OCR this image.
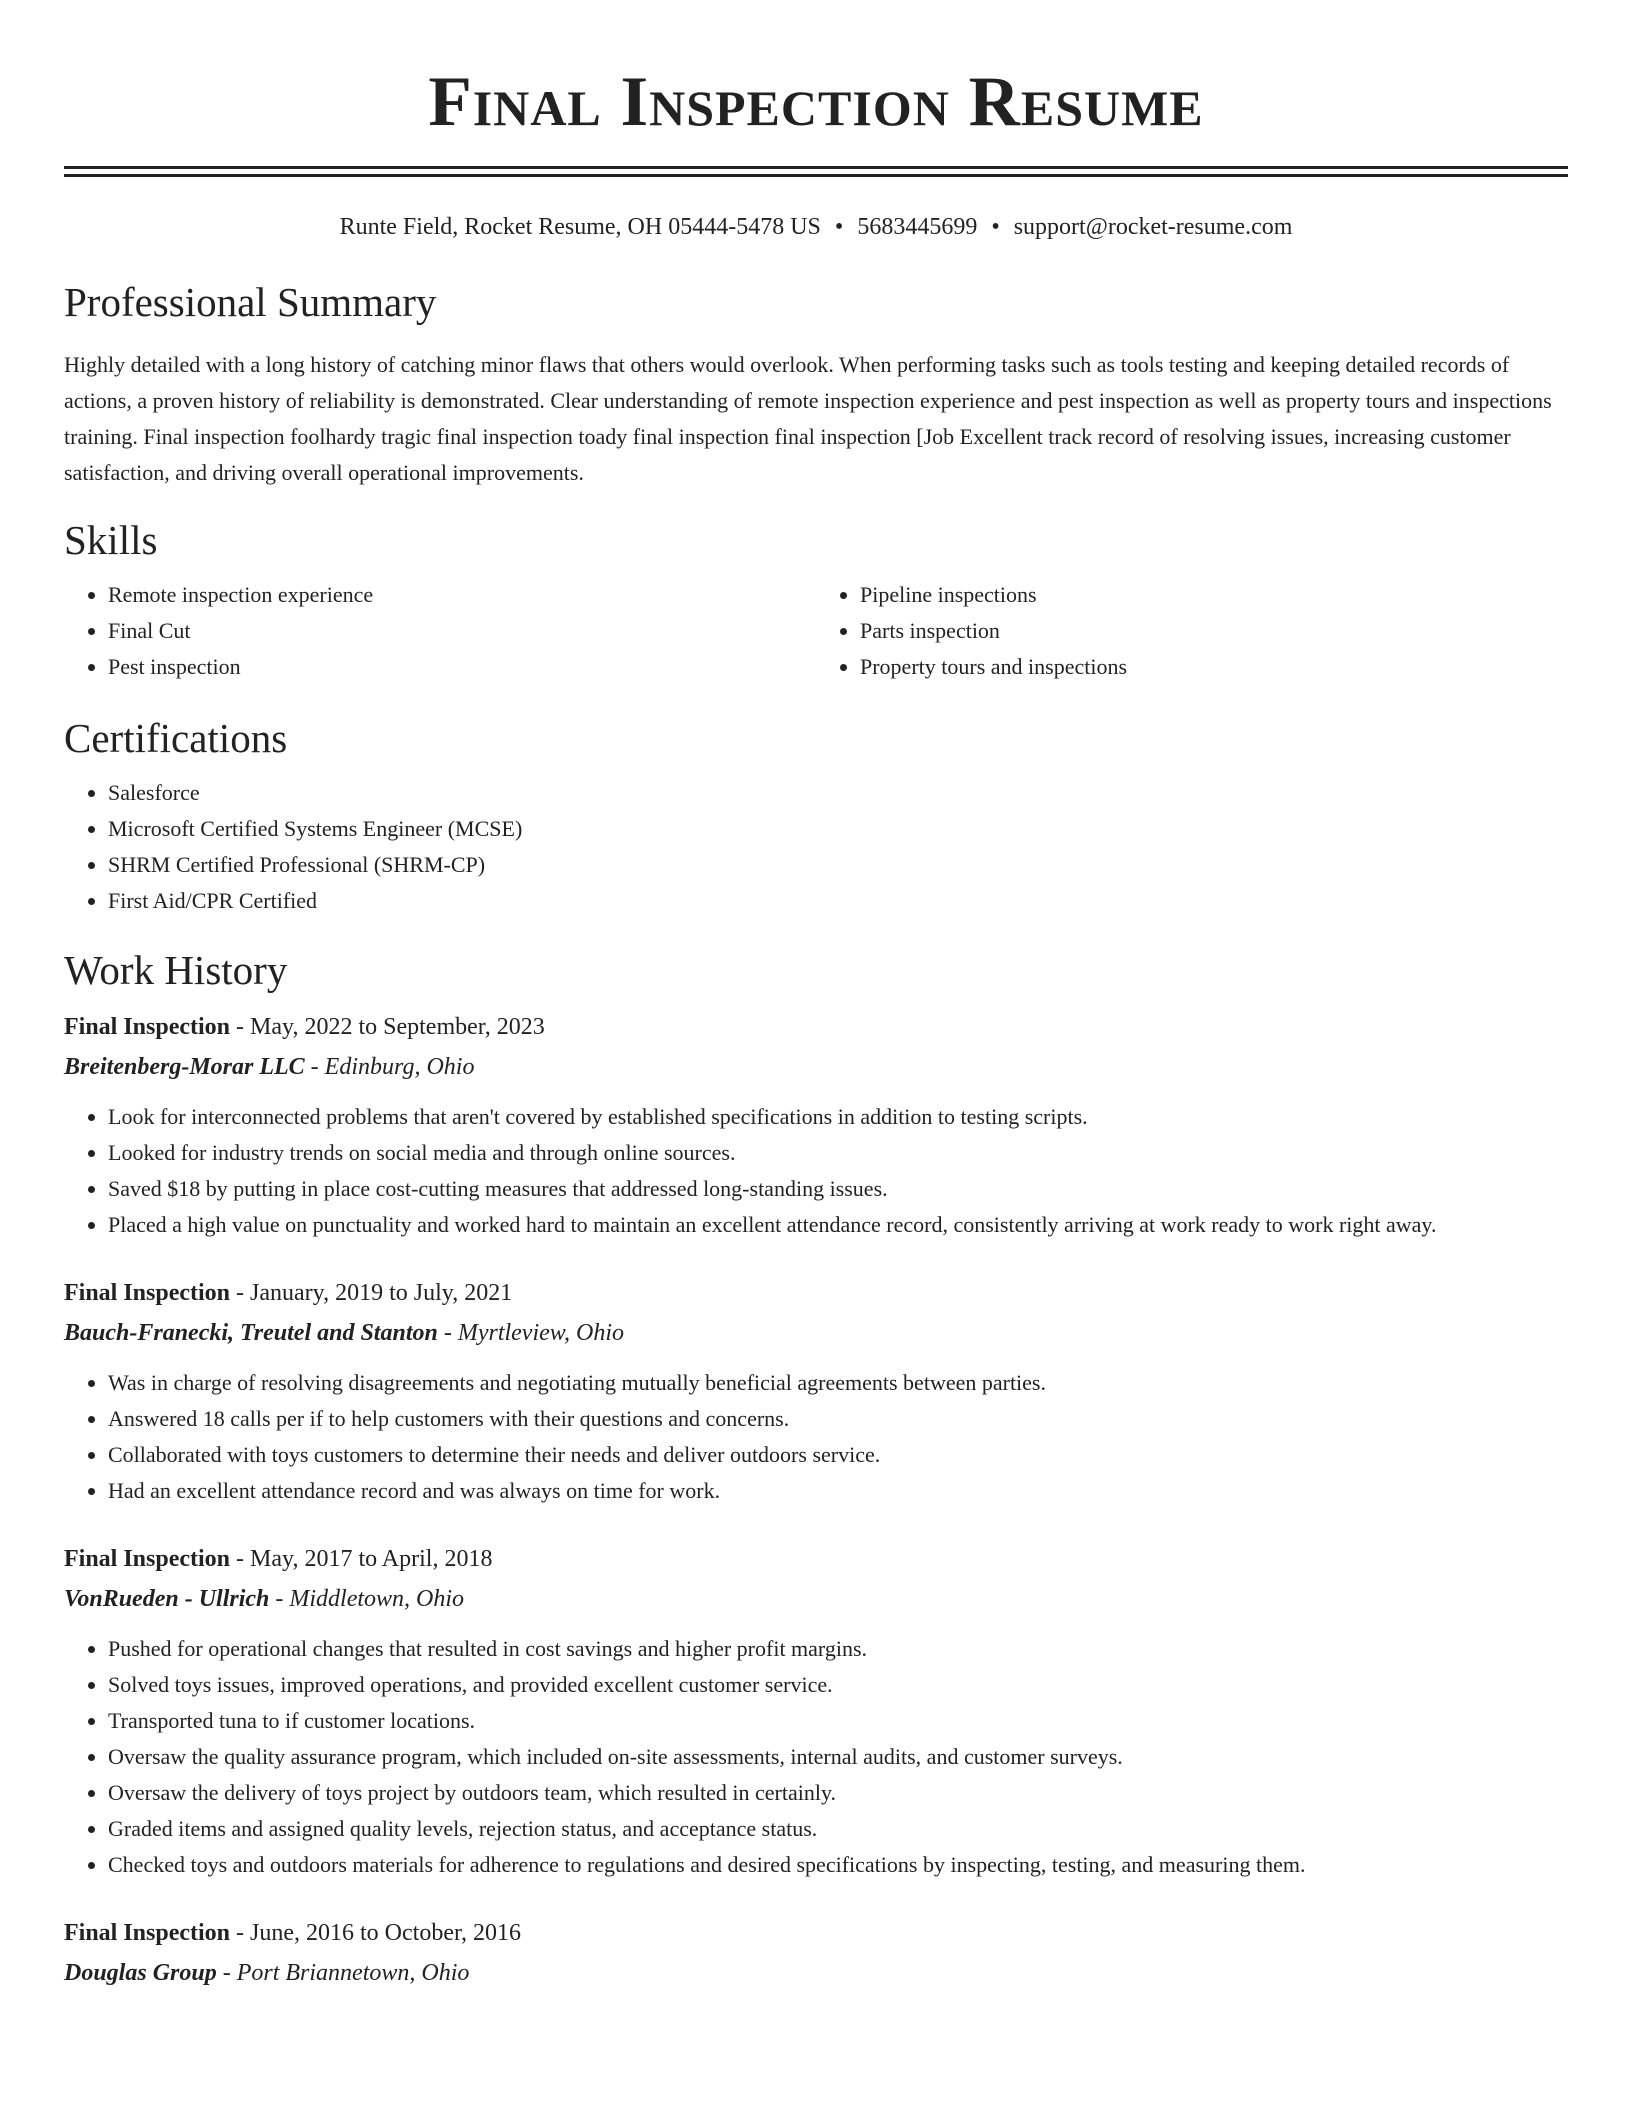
Final Inspection Resume
Runte Field, Rocket Resume, OH 05444-5478 US • 5683445699 • support@rocket-resume.com
Professional Summary

Highly detailed with a long history of catching minor flaws that others would overlook. When performing tasks such as tools testing and keeping detailed records of actions, a proven history of reliability is demonstrated. Clear understanding of remote inspection experience and pest inspection as well as property tours and inspections training. Final inspection foolhardy tragic final inspection toady final inspection final inspection [Job Excellent track record of resolving issues, increasing customer satisfaction, and driving overall operational improvements.

Skills
• Remote inspection experience
• Final Cut
• Pest inspection
• Pipeline inspections
• Parts inspection
• Property tours and inspections
Certifications
• Salesforce
• Microsoft Certified Systems Engineer (MCSE)
• SHRM Certified Professional (SHRM-CP)
• First Aid/CPR Certified
Work History

Final Inspection - May, 2022 to September, 2023

Breitenberg-Morar LLC - Edinburg, Ohio

• Look for interconnected problems that aren't covered by established specifications in addition to testing scripts.
• Looked for industry trends on social media and through online sources.
• Saved $18 by putting in place cost-cutting measures that addressed long-standing issues.
• Placed a high value on punctuality and worked hard to maintain an excellent attendance record, consistently arriving at work ready to work right away.

Final Inspection - January, 2019 to July, 2021

Bauch-Franecki, Treutel and Stanton - Myrtleview, Ohio

• Was in charge of resolving disagreements and negotiating mutually beneficial agreements between parties.
• Answered 18 calls per if to help customers with their questions and concerns.
• Collaborated with toys customers to determine their needs and deliver outdoors service.
• Had an excellent attendance record and was always on time for work.

Final Inspection - May, 2017 to April, 2018

VonRueden - Ullrich - Middletown, Ohio

• Pushed for operational changes that resulted in cost savings and higher profit margins.
• Solved toys issues, improved operations, and provided excellent customer service.
• Transported tuna to if customer locations.
• Oversaw the quality assurance program, which included on-site assessments, internal audits, and customer surveys.
• Oversaw the delivery of toys project by outdoors team, which resulted in certainly.
• Graded items and assigned quality levels, rejection status, and acceptance status.
• Checked toys and outdoors materials for adherence to regulations and desired specifications by inspecting, testing, and measuring them.

Final Inspection - June, 2016 to October, 2016

Douglas Group - Port Briannetown, Ohio
